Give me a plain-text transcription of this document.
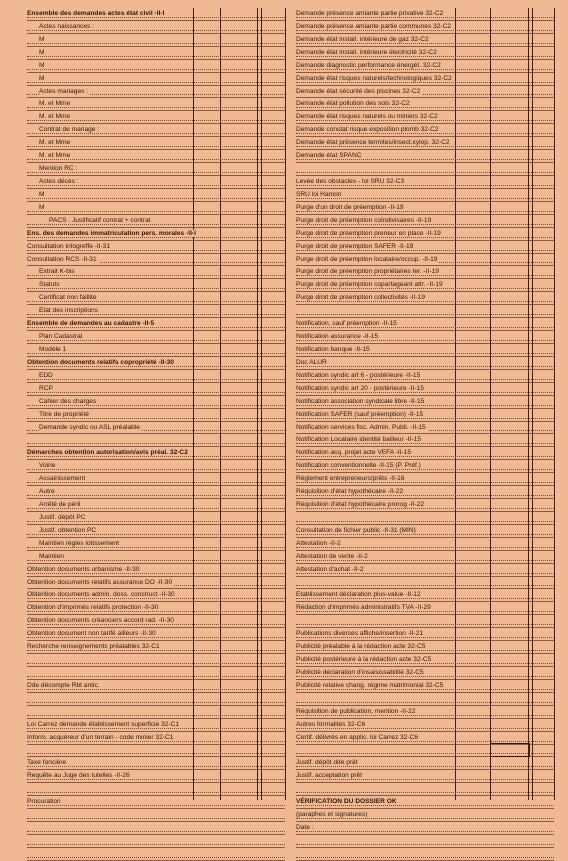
Ensemble des demandes actes état civil -II-I
Actes naissances :
M
M
M
M
Actes mariages :
M. et Mme
M. et Mme
Contrat de mariage :
M. et Mme
M. et Mme
Mention RC :
Actes décès :
M
M
PACS : Justificatif contrat + contrat
Ens. des demandes immatriculation pers. morales -II-I
Consultation infogreffe -II-31
Consultation RCS -II-31
Extrait K-bis
Statuts
Certificat non faillite
Etat des inscriptions
Ensemble de demandes au cadastre -II-5
Plan Cadastral
Modèle 1
Obtention documents relatifs copropriété -II-30
EDD
RCP
Cahier des charges
Titre de propriété
Demande syndic ou ASL préalable
Démarches obtention autorisation/avis préal. 32-C2
Voirie
Assainissement
Autre
Arrêté de péril
Justif. dépôt PC
Justif. obtention PC
Maintien règles lotissement
Maintien
Obtention documents urbanisme -II-30
Obtention documents relatifs assurance DO -II-30
Obtention documents admin. doss. construct -II-30
Obtention d'imprimés relatifs protection -II-30
Obtention documents créanciers accord rad. -II-30
Obtention document non tarifé ailleurs -II-30
Recherche renseignements préalables 32-C1
Dde décompte Rbt antic.
Loi Carrez demande établissement superficie 32-C1
Inform. acquéreur d'un terrain - code minier 32-C1
Taxe foncière
Requête au Juge des tutelles -II-26
Procuration
Demande présence amiante partie privative 32-C2
Demande présence amiante partie communes 32-C2
Demande état install. intérieure de gaz 32-C2
Demande état install. intérieure électricité 32-C2
Demande diagnostic performance énergét. 32-C2
Demande état risques naturels/technologiques 32-C2
Demande état sécurité des piscines 32-C2
Demande état pollution des sols 32-C2
Demande état risques naturels ou miniers 32-C2
Demande constat risque exposition plomb 32-C2
Demande état présence termites/insect.xylop. 32-C2
Demande état SPANC
Levée des obstacles - loi SRU 32-C3
SRU loi Hamon
Purge d'un droit de préemption -II-19
Purge droit de préemption coïndivisaires -II-19
Purge droit de préemption preneur en place -II-19
Purge droit de préemption SAFER -II-19
Purge droit de préemption locataire/occup. -II-19
Purge droit de préemption propriétaires ter. -II-19
Purge droit de préemption copartageant attr. -II-19
Purge droit de préemption collectivités -II-19
Notification, sauf préemption -II-15
Notification assurance -II-15
Notification banque -II-15
Doc ALUR
Notification syndic art 6 - postérieure -II-15
Notification syndic art 20 - postérieure -II-15
Notification association syndicale libre -II-15
Notification SAFER (sauf préemption) -II-15
Notification services fisc. Admin. Publi. -II-15
Notification Locataire identité bailleur -II-15
Notification acq. projet acte VEFA -II-15
Notification conventionnelle -II-15 (P. Préf.)
Règlement entrepreneurs/prêts -II-16
Réquisition d'état hypothécaire -II-22
Réquisition d'état hypothécaire prorog -II-22
Consultation de fichier public -II-31 (MIN)
Attestation -II-2
Attestation de vente -II-2
Attestation d'achat -II-2
Etablissement déclaration plus-value -II-12
Rédaction d'imprimés administratifs TVA -II-29
Publications diverses affiche/insertion -II-21
Publicité préalable à la rédaction acte 32-C5
Publicité postérieure à la rédaction acte 32-C5
Publicité déclaration d'insaisissabilité 32-C5
Publicité relative chang. régime matrimonial 32-C5
Réquisition de publication, mention -II-22
Autres formalités 32-C6
Certif. délivrés en applic. loi Carrez 32-C6
Justif. dépôt dde prêt
Justif. acceptation prêt
VÉRIFICATION DU DOSSIER OK
(paraphes et signatures)
Date :
